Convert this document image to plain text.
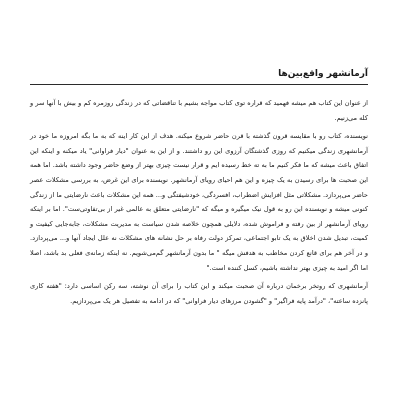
آرمانشهر واقع‌بین‌ها

از عنوان این کتاب هم میشه فهمید که قراره توی کتاب مواجه بشیم با تناقضاتی که در زندگی روزمره کم و بیش با آنها سر و کله می‌زنیم.

نویسنده، کتاب رو با مقایسه قرون گذشته با قرن حاضر شروع میکنه. هدف از این کار اینه که به ما بگه امروزه ما خود در آرمانشهری زندگی میکنیم که روزی گذشتگان آرزوی این رو داشتند. و از این به عنوان "دیار فراوانی" یاد میکنه و اینکه این اتفاق باعث میشه که ما فکر کنیم ما به ته خط رسیده ایم و قرار نیست چیزی بهتر از وضع حاضر وجود داشته باشد. اما همه این صحبت ها برای رسیدن به یک چیزه و این هم احیای رویای آرمانشهر. نویسنده برای این غرض، به بررسی مشکلات عصر حاضر می‌پردازد. مشکلاتی مثل افزایش اضطراب، افسردگی، خودشیفتگی و... همه این مشکلات باعث نارضایتی ما از زندگی کنونی میشه و نویسنده این رو به قول نیک میگیره و میگه که "نارضایتی متعلق به عالمی غیر از بی‌تفاوتی‌ست". اما بر اینکه رویای آرمانشهر از بین رفته و فراموش شده، دلایلی همچون خلاصه شدن سیاست به مدیریت مشکلات، جابه‌جایی کیفیت و کمیت، تبدیل شدن اخلاق به یک تابو اجتماعی، تمرکز دولت رفاه بر حل نشانه های مشکلات نه علل ایجاد آنها و... می‌پردازد. و در آخر هم برای قانع کردن مخاطب به هدفش میگه " ما بدون آرمانشهر گم‌می‌شویم. نه اینکه زمانه‌ی فعلی بد باشد، اصلا اما اگر امید به چیزی بهتر نداشته باشیم، کسل کننده است."

آرمانشهری که روتخر برخمان درباره آن صحبت میکند و این کتاب را برای آن نوشته، سه رکن اساسی دارد: "هفته کاری پانزده ساعته"، "درآمد پایه فراگیر" و "گشودن مرزهای دیار فراوانی" که در ادامه به تفصیل هر یک می‌پردازیم.
